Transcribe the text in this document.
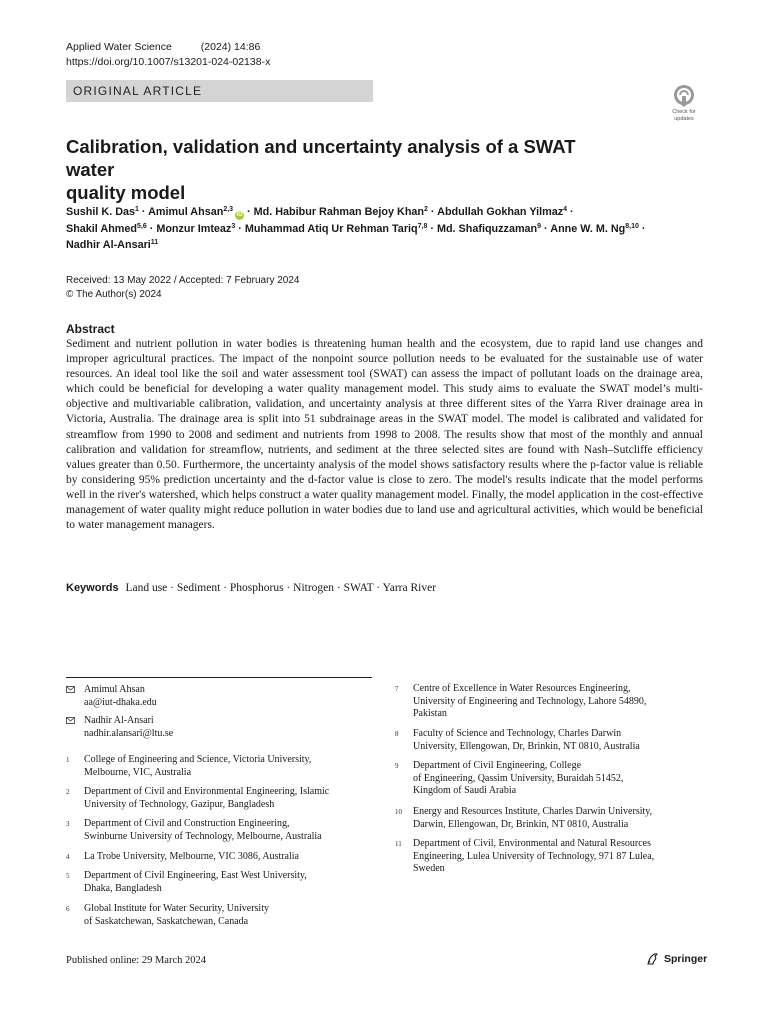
Applied Water Science	(2024) 14:86
https://doi.org/10.1007/s13201-024-02138-x
ORIGINAL ARTICLE
Check for
updates
Calibration, validation and uncertainty analysis of a SWAT water
quality model
Sushil K. Das$^1$ · Amimul Ahsan$^{2,3}$iD · Md. Habibur Rahman Bejoy Khan$^2$ · Abdullah Gokhan Yilmaz$^4$ ·
Shakil Ahmed$^{5,6}$ · Monzur Imteaz$^3$ · Muhammad Atiq Ur Rehman Tariq$^{7,8}$ · Md. Shafiqu​zzaman$^9$ · Anne W. M. Ng$^{8,10}$ ·
Nadhir Al-Ansari$^{11}$
Received: 13 May 2022 / Accepted: 7 February 2024
© The Author(s) 2024
Abstract

Sediment and nutrient pollution in water bodies is threatening human health and the ecosystem, due to rapid land use changes and improper agricultural practices. The impact of the nonpoint source pollution needs to be evaluated for the sustainable use of water resources. An ideal tool like the soil and water assessment tool (SWAT) can assess the impact of pollutant loads on the drainage area, which could be beneficial for developing a water quality management model. This study aims to evaluate the SWAT model’s multi-objective and multivariable calibration, validation, and uncertainty analysis at three different sites of the Yarra River drainage area in Victoria, Australia. The drainage area is split into 51 subdrainage areas in the SWAT model. The model is calibrated and validated for streamflow from 1990 to 2008 and sediment and nutrients from 1998 to 2008. The results show that most of the monthly and annual calibration and validation for streamflow, nutrients, and sediment at the three selected sites are found with Nash–Sutcliffe efficiency values greater than 0.50. Furthermore, the uncertainty analysis of the model shows satisfactory results where the p-factor value is reliable by considering 95% prediction uncertainty and the d-factor value is close to zero. The model's results indicate that the model performs well in the river's watershed, which helps construct a water quality management model. Finally, the model application in the cost-effective management of water quality might reduce pollution in water bodies due to land use and agricultural activities, which would be beneficial to water management managers.

Keywords Land use · Sediment · Phosphorus · Nitrogen · SWAT · Yarra River
Amimul Ahsan
aa@iut-dhaka.edu
Nadhir Al-Ansari
nadhir.alansari@ltu.se
1 College of Engineering and Science, Victoria University,
Melbourne, VIC, Australia
2 Department of Civil and Environmental Engineering, Islamic
University of Technology, Gazipur, Bangladesh
3 Department of Civil and Construction Engineering,
Swinburne University of Technology, Melbourne, Australia
4 La Trobe University, Melbourne, VIC 3086, Australia
5 Department of Civil Engineering, East West University,
Dhaka, Bangladesh
6 Global Institute for Water Security, University
of Saskatchewan, Saskatchewan, Canada
7 Centre of Excellence in Water Resources Engineering,
University of Engineering and Technology, Lahore 54890,
Pakistan
8 Faculty of Science and Technology, Charles Darwin
University, Ellengowan, Dr, Brinkin, NT 0810, Australia
9 Department of Civil Engineering, College
of Engineering, Qassim University, Buraidah 51452,
Kingdom of Saudi Arabia
10 Energy and Resources Institute, Charles Darwin University,
Darwin, Ellengowan, Dr, Brinkin, NT 0810, Australia
11 Department of Civil, Environmental and Natural Resources
Engineering, Lulea University of Technology, 971 87 Lulea,
Sweden
Published online: 29 March 2024	Springer
